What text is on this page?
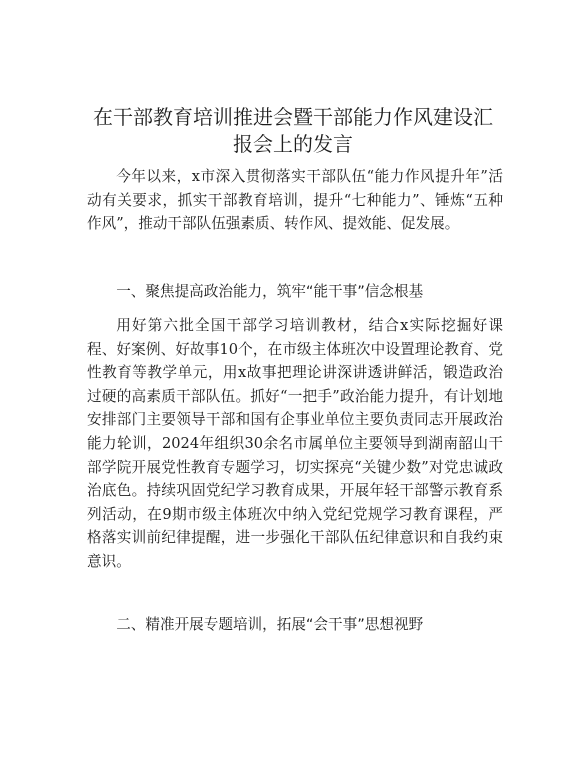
在干部教育培训推进会暨干部能力作风建设汇
报会上的发言

今年以来，x市深入贯彻落实干部队伍“能力作风提升年”活动有关要求，抓实干部教育培训，提升“七种能力”、锤炼“五种作风”，推动干部队伍强素质、转作风、提效能、促发展。

一、聚焦提高政治能力，筑牢“能干事”信念根基

用好第六批全国干部学习培训教材，结合x实际挖掘好课程、好案例、好故事10个，在市级主体班次中设置理论教育、党性教育等教学单元，用x故事把理论讲深讲透讲鲜活，锻造政治过硬的高素质干部队伍。抓好“一把手”政治能力提升，有计划地安排部门主要领导干部和国有企事业单位主要负责同志开展政治能力轮训，2024年组织30余名市属单位主要领导到湖南韶山干部学院开展党性教育专题学习，切实探亮“关键少数”对党忠诚政治底色。持续巩固党纪学习教育成果，开展年轻干部警示教育系列活动，在9期市级主体班次中纳入党纪党规学习教育课程，严格落实训前纪律提醒，进一步强化干部队伍纪律意识和自我约束意识。

二、精准开展专题培训，拓展“会干事”思想视野
